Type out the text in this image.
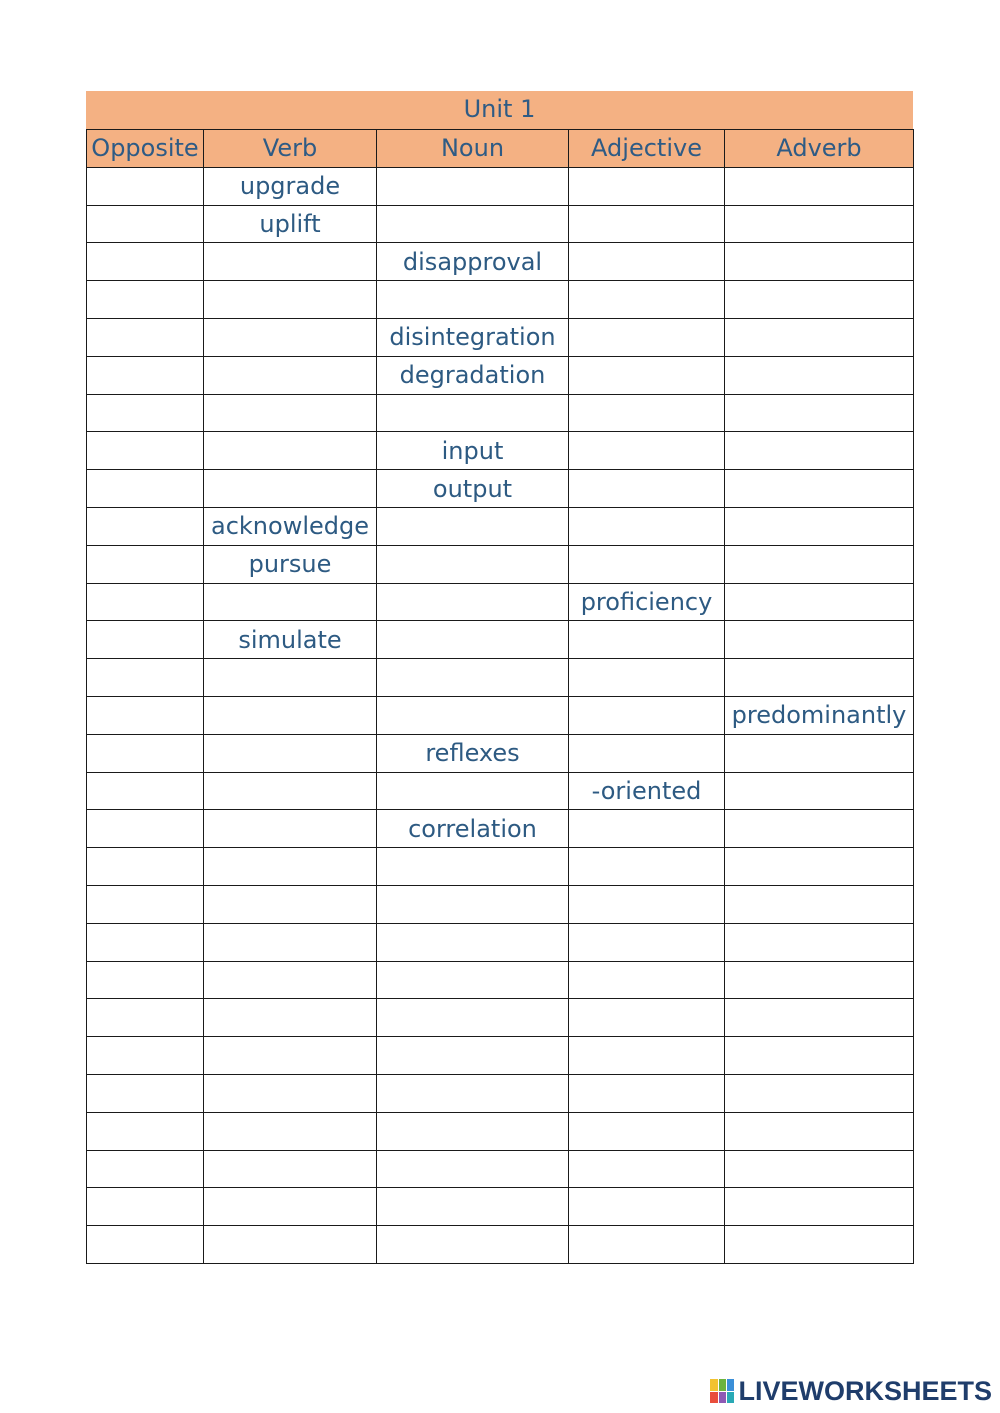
Unit 1
Opposite	Verb	Noun	Adjective	Adverb
	upgrade			
	uplift			
		disapproval		

		disintegration		
		degradation		

		input		
		output		
	acknowledge			
	pursue			
			proficiency	
	simulate			

				predominantly
		reflexes		
			-oriented	
		correlation		

LIVEWORKSHEETS
